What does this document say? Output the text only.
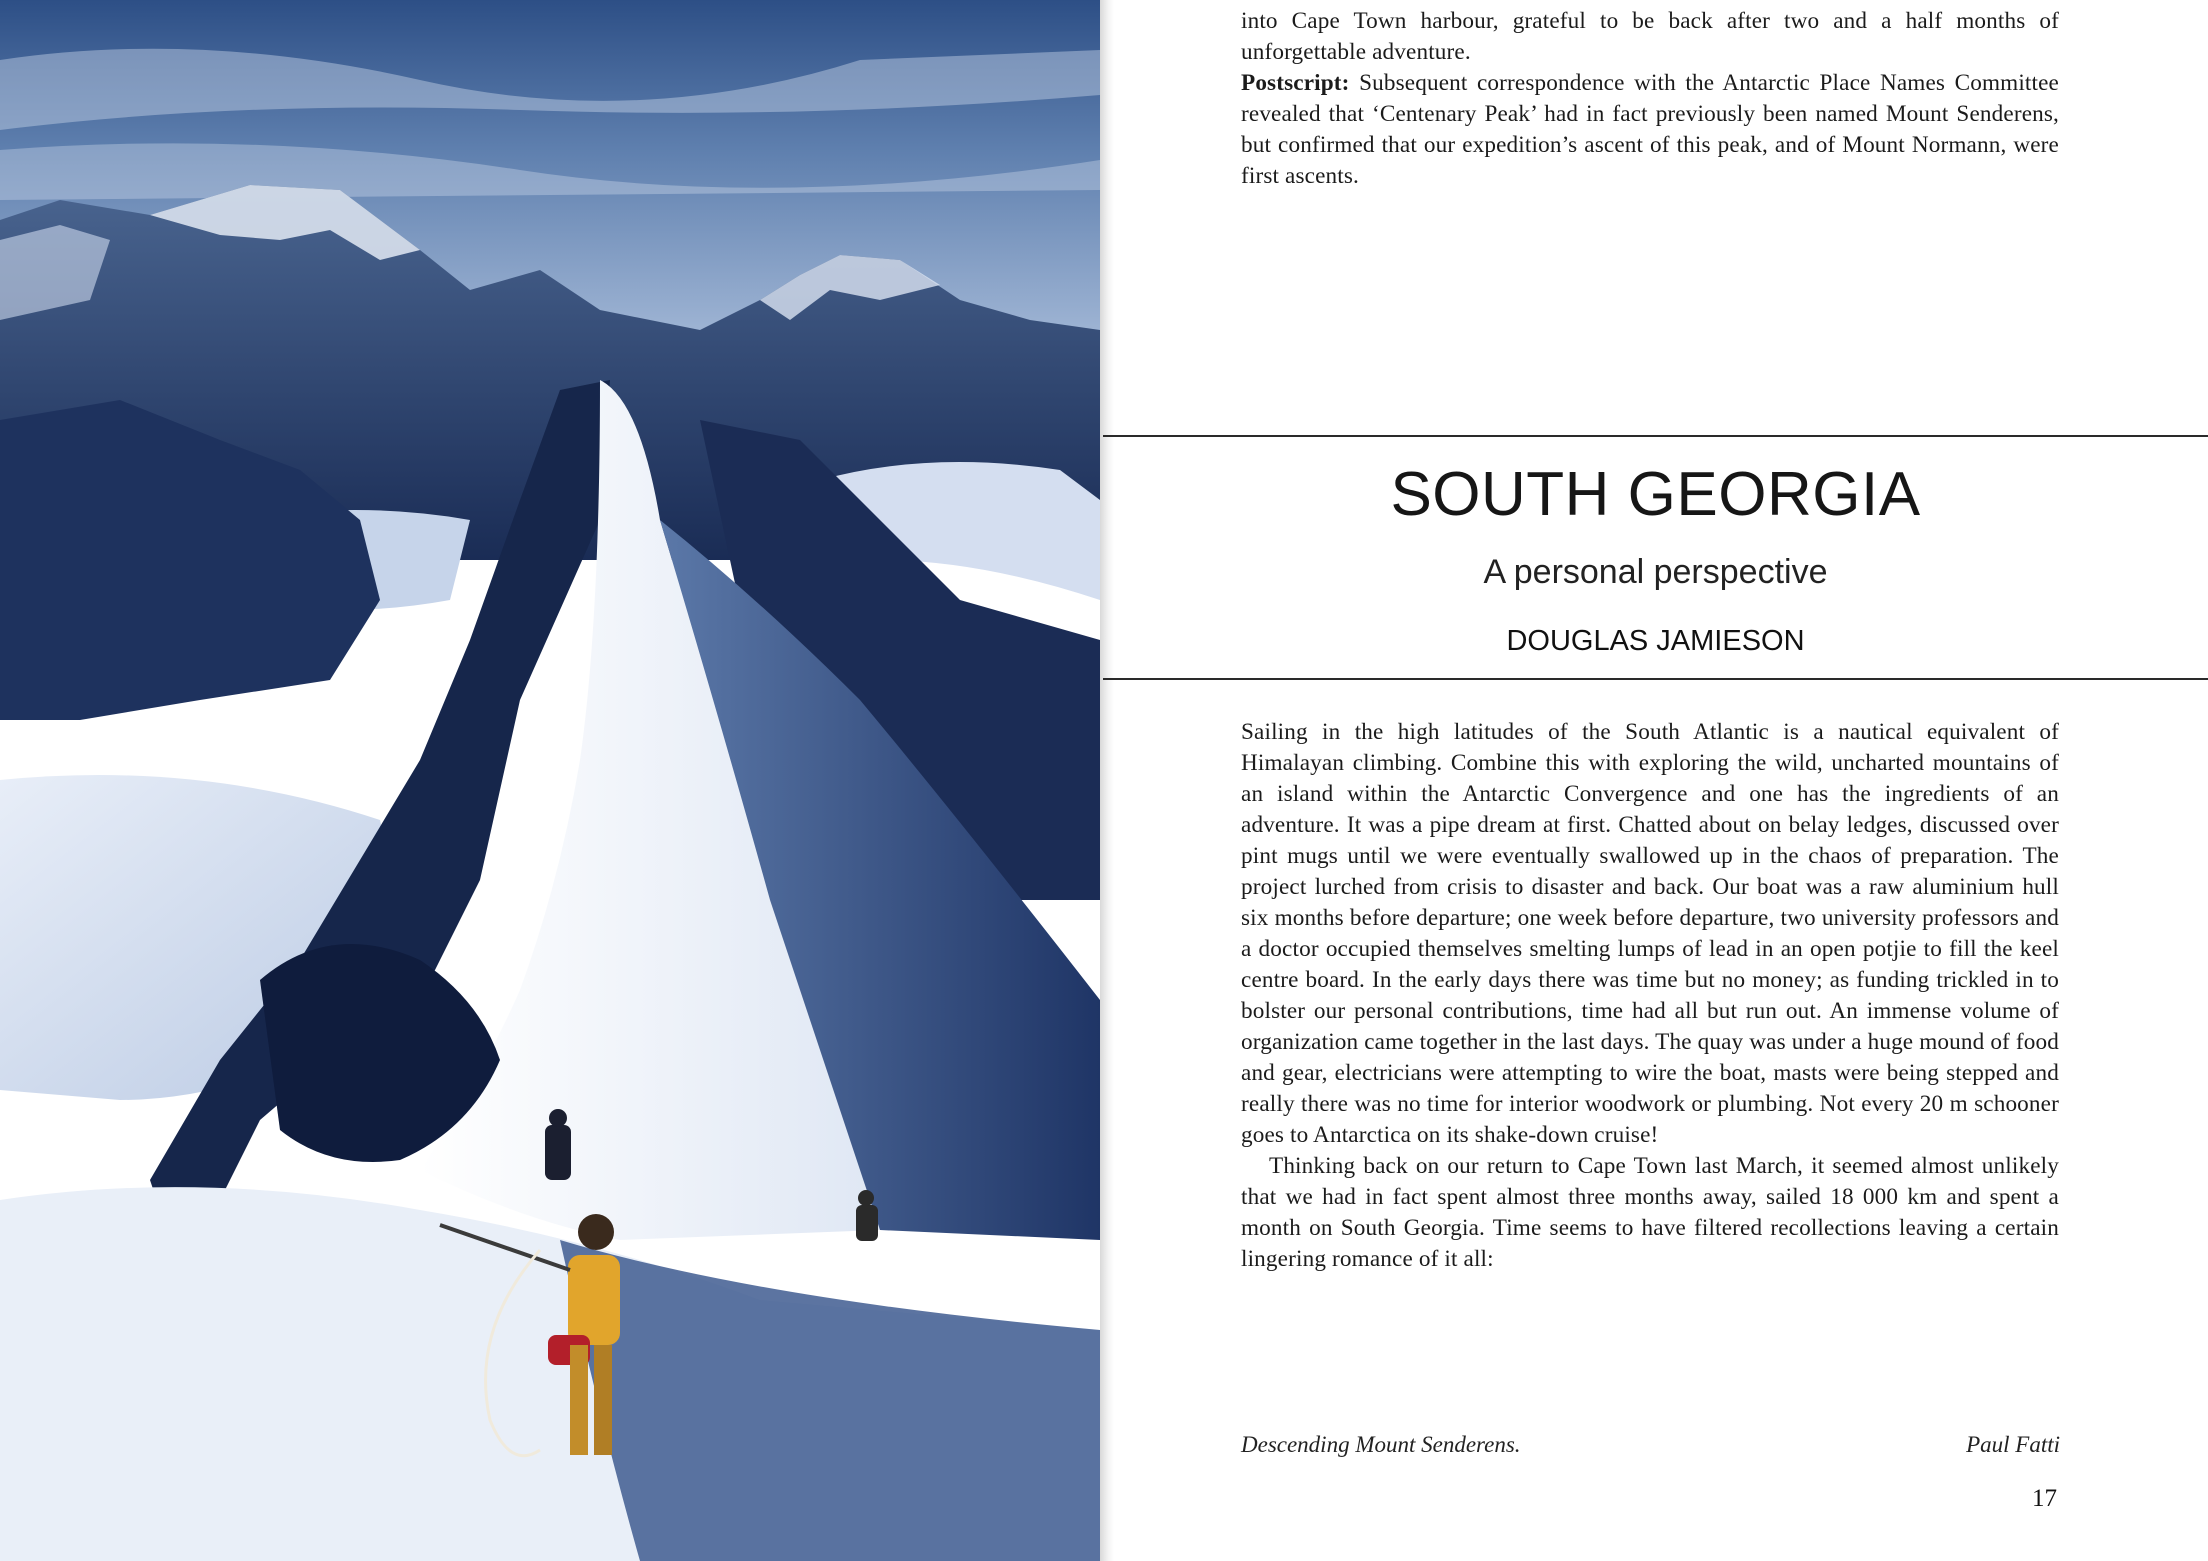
into Cape Town harbour, grateful to be back after two and a half months of unforgettable adventure.

Postscript: Subsequent correspondence with the Antarctic Place Names Committee revealed that ‘Centenary Peak’ had in fact previously been named Mount Senderens, but confirmed that our expedition’s ascent of this peak, and of Mount Normann, were first ascents.

SOUTH GEORGIA
A personal perspective
DOUGLAS JAMIESON

Sailing in the high latitudes of the South Atlantic is a nautical equivalent of Himalayan climbing. Combine this with exploring the wild, uncharted mountains of an island within the Antarctic Convergence and one has the ingredients of an adventure. It was a pipe dream at first. Chatted about on belay ledges, discussed over pint mugs until we were eventually swallowed up in the chaos of preparation. The project lurched from crisis to disaster and back. Our boat was a raw aluminium hull six months before departure; one week before departure, two university professors and a doctor occupied themselves smelting lumps of lead in an open potjie to fill the keel centre board. In the early days there was time but no money; as funding trickled in to bolster our personal contributions, time had all but run out. An immense volume of organization came together in the last days. The quay was under a huge mound of food and gear, electricians were attempting to wire the boat, masts were being stepped and really there was no time for interior woodwork or plumbing. Not every 20 m schooner goes to Antarctica on its shake-down cruise!

Thinking back on our return to Cape Town last March, it seemed almost unlikely that we had in fact spent almost three months away, sailed 18 000 km and spent a month on South Georgia. Time seems to have filtered recollections leaving a certain lingering romance of it all:

Descending Mount Senderens.	Paul Fatti
17
